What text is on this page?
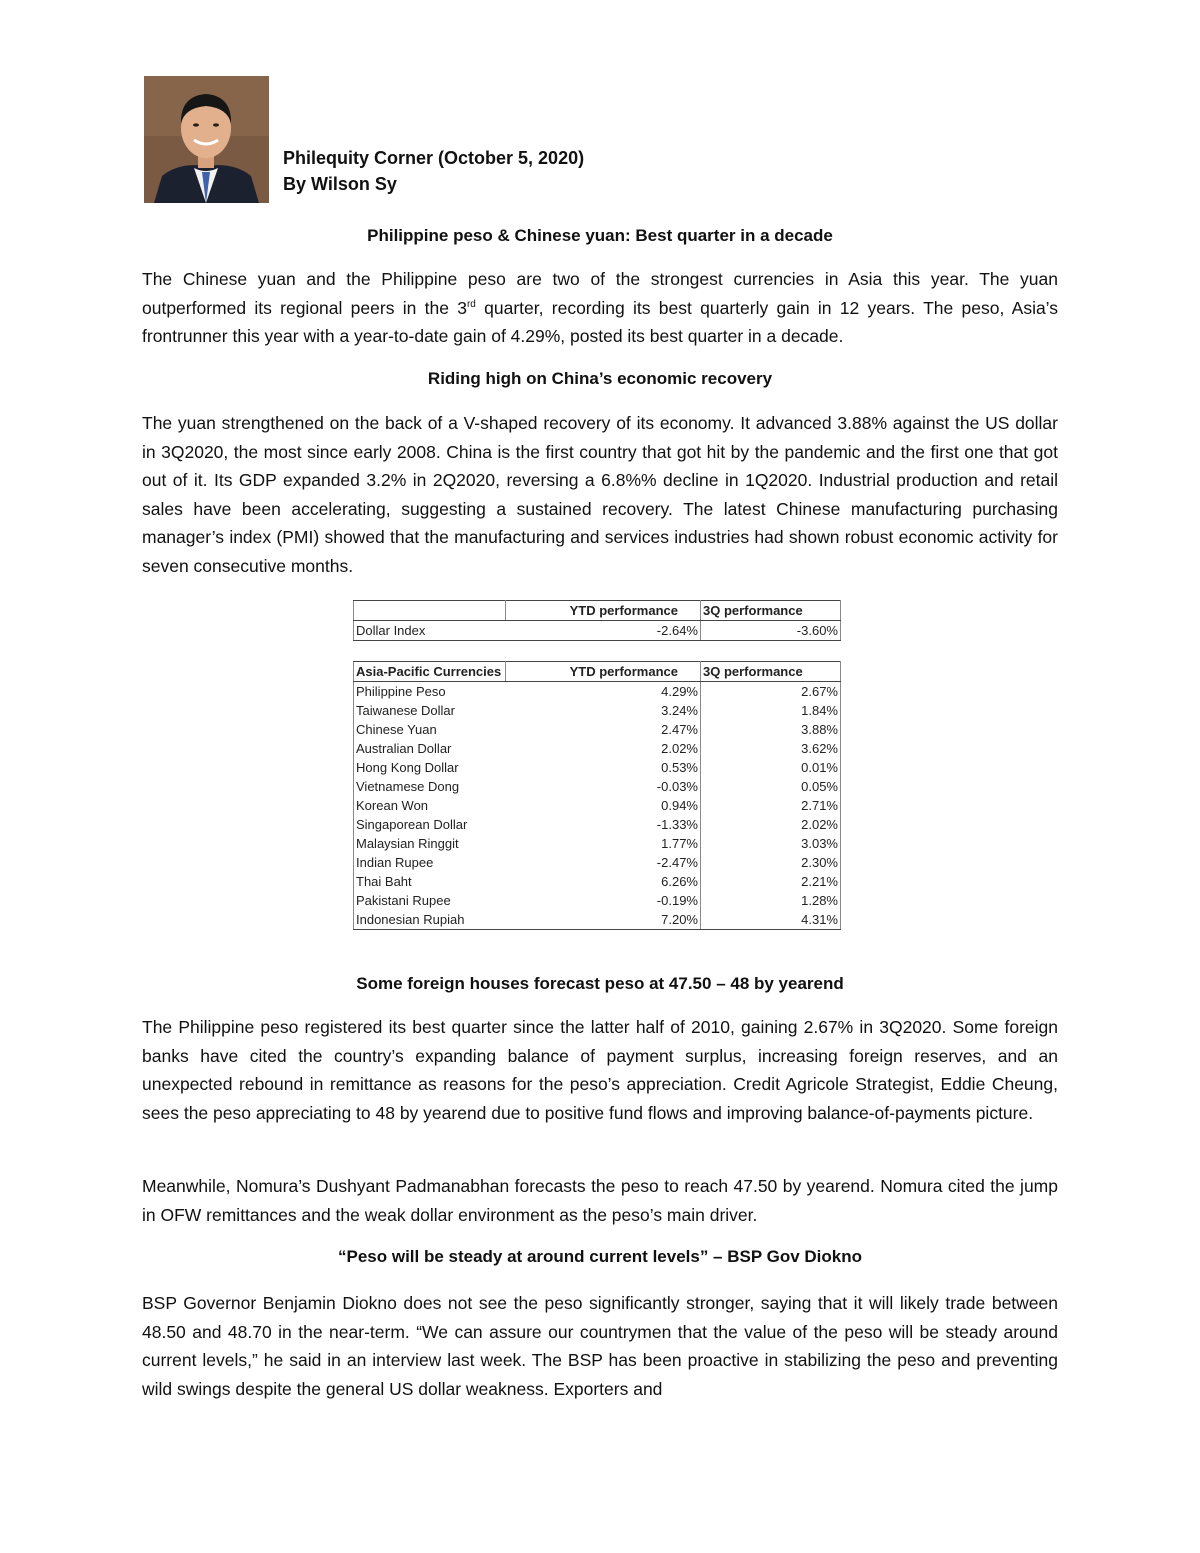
Philequity Corner (October 5, 2020)
By Wilson Sy
Philippine peso & Chinese yuan: Best quarter in a decade

The Chinese yuan and the Philippine peso are two of the strongest currencies in Asia this year. The yuan outperformed its regional peers in the 3rd quarter, recording its best quarterly gain in 12 years. The peso, Asia’s frontrunner this year with a year-to-date gain of 4.29%, posted its best quarter in a decade.

Riding high on China’s economic recovery

The yuan strengthened on the back of a V-shaped recovery of its economy. It advanced 3.88% against the US dollar in 3Q2020, the most since early 2008. China is the first country that got hit by the pandemic and the first one that got out of it. Its GDP expanded 3.2% in 2Q2020, reversing a 6.8%% decline in 1Q2020. Industrial production and retail sales have been accelerating, suggesting a sustained recovery. The latest Chinese manufacturing purchasing manager’s index (PMI) showed that the manufacturing and services industries had shown robust economic activity for seven consecutive months.

	YTD performance	3Q performance
Dollar Index	-2.64%	-3.60%
Asia-Pacific Currencies	YTD performance	3Q performance
Philippine Peso	4.29%	2.67%
Taiwanese Dollar	3.24%	1.84%
Chinese Yuan	2.47%	3.88%
Australian Dollar	2.02%	3.62%
Hong Kong Dollar	0.53%	0.01%
Vietnamese Dong	-0.03%	0.05%
Korean Won	0.94%	2.71%
Singaporean Dollar	-1.33%	2.02%
Malaysian Ringgit	1.77%	3.03%
Indian Rupee	-2.47%	2.30%
Thai Baht	6.26%	2.21%
Pakistani Rupee	-0.19%	1.28%
Indonesian Rupiah	7.20%	4.31%
Some foreign houses forecast peso at 47.50 – 48 by yearend

The Philippine peso registered its best quarter since the latter half of 2010, gaining 2.67% in 3Q2020. Some foreign banks have cited the country’s expanding balance of payment surplus, increasing foreign reserves, and an unexpected rebound in remittance as reasons for the peso’s appreciation. Credit Agricole Strategist, Eddie Cheung, sees the peso appreciating to 48 by yearend due to positive fund flows and improving balance-of-payments picture.

Meanwhile, Nomura’s Dushyant Padmanabhan forecasts the peso to reach 47.50 by yearend. Nomura cited the jump in OFW remittances and the weak dollar environment as the peso’s main driver.

“Peso will be steady at around current levels” – BSP Gov Diokno

BSP Governor Benjamin Diokno does not see the peso significantly stronger, saying that it will likely trade between 48.50 and 48.70 in the near-term. “We can assure our countrymen that the value of the peso will be steady around current levels,” he said in an interview last week. The BSP has been proactive in stabilizing the peso and preventing wild swings despite the general US dollar weakness. Exporters and
